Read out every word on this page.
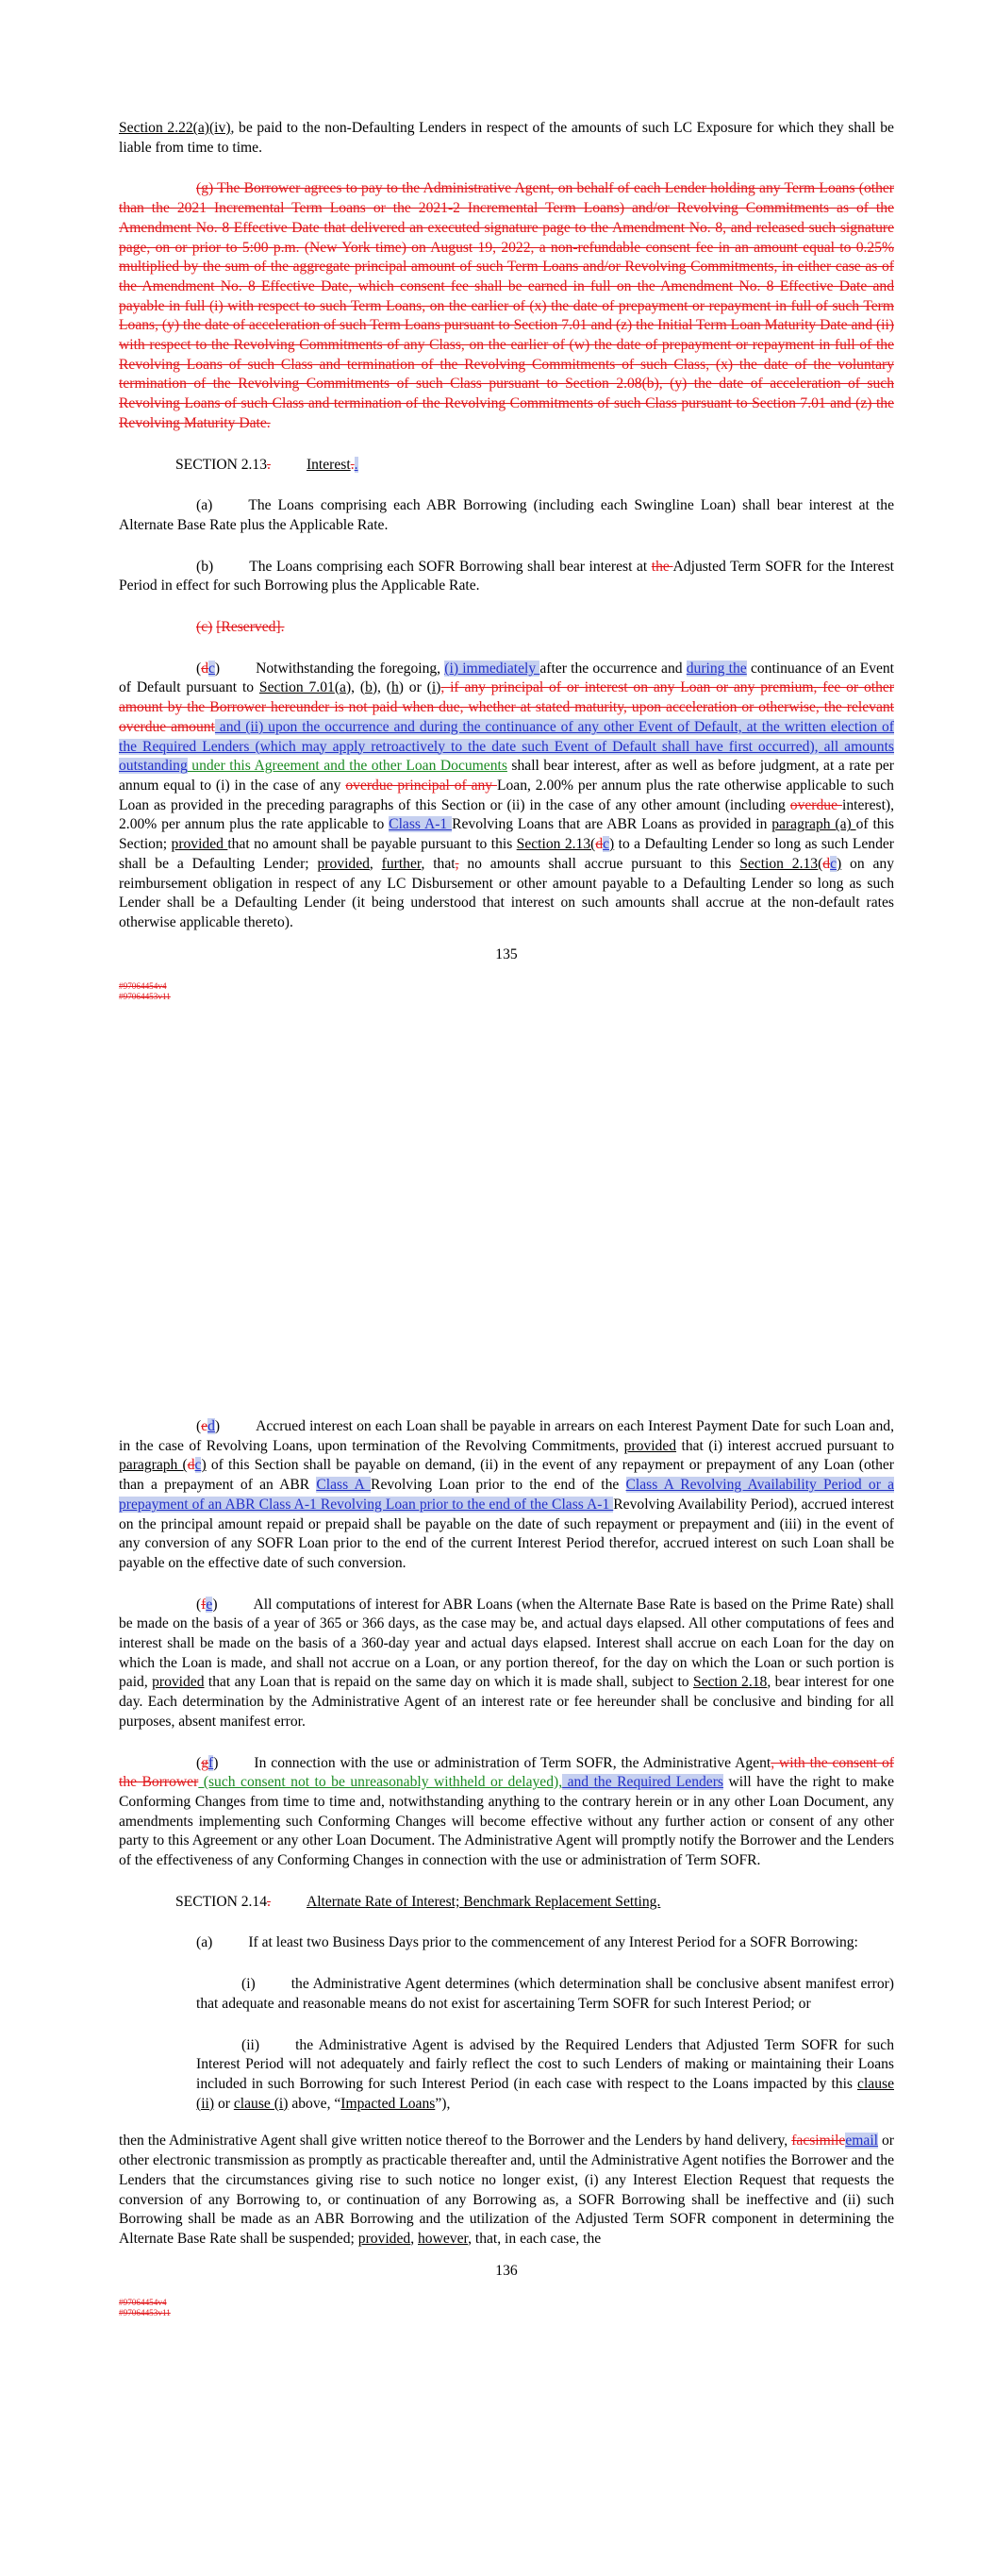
Section 2.22(a)(iv), be paid to the non-Defaulting Lenders in respect of the amounts of such LC Exposure for which they shall be liable from time to time.

(g) The Borrower agrees to pay to the Administrative Agent, on behalf of each Lender holding any Term Loans (other than the 2021 Incremental Term Loans or the 2021-2 Incremental Term Loans) and/or Revolving Commitments as of the Amendment No. 8 Effective Date that delivered an executed signature page to the Amendment No. 8, and released such signature page, on or prior to 5:00 p.m. (New York time) on August 19, 2022, a non-refundable consent fee in an amount equal to 0.25% multiplied by the sum of the aggregate principal amount of such Term Loans and/or Revolving Commitments, in either case as of the Amendment No. 8 Effective Date, which consent fee shall be earned in full on the Amendment No. 8 Effective Date and payable in full (i) with respect to such Term Loans, on the earlier of (x) the date of prepayment or repayment in full of such Term Loans, (y) the date of acceleration of such Term Loans pursuant to Section 7.01 and (z) the Initial Term Loan Maturity Date and (ii) with respect to the Revolving Commitments of any Class, on the earlier of (w) the date of prepayment or repayment in full of the Revolving Loans of such Class and termination of the Revolving Commitments of such Class, (x) the date of the voluntary termination of the Revolving Commitments of such Class pursuant to Section 2.08(b), (y) the date of acceleration of such Revolving Loans of such Class and termination of the Revolving Commitments of such Class pursuant to Section 7.01 and (z) the Revolving Maturity Date.

SECTION 2.13. Interest..

(a) The Loans comprising each ABR Borrowing (including each Swingline Loan) shall bear interest at the Alternate Base Rate plus the Applicable Rate.

(b) The Loans comprising each SOFR Borrowing shall bear interest at the Adjusted Term SOFR for the Interest Period in effect for such Borrowing plus the Applicable Rate.

(c) [Reserved].

(dc) Notwithstanding the foregoing, (i) immediately after the occurrence and during the continuance of an Event of Default pursuant to Section 7.01(a), (b), (h) or (i), if any principal of or interest on any Loan or any premium, fee or other amount by the Borrower hereunder is not paid when due, whether at stated maturity, upon acceleration or otherwise, the relevant overdue amount and (ii) upon the occurrence and during the continuance of any other Event of Default, at the written election of the Required Lenders (which may apply retroactively to the date such Event of Default shall have first occurred), all amounts outstanding under this Agreement and the other Loan Documents shall bear interest, after as well as before judgment, at a rate per annum equal to (i) in the case of any overdue principal of any Loan, 2.00% per annum plus the rate otherwise applicable to such Loan as provided in the preceding paragraphs of this Section or (ii) in the case of any other amount (including overdue interest), 2.00% per annum plus the rate applicable to Class A-1 Revolving Loans that are ABR Loans as provided in paragraph (a) of this Section; provided that no amount shall be payable pursuant to this Section 2.13(dc) to a Defaulting Lender so long as such Lender shall be a Defaulting Lender; provided, further, that, no amounts shall accrue pursuant to this Section 2.13(dc) on any reimbursement obligation in respect of any LC Disbursement or other amount payable to a Defaulting Lender so long as such Lender shall be a Defaulting Lender (it being understood that interest on such amounts shall accrue at the non-default rates otherwise applicable thereto).

135

#97064454v4
#97064453v11

(ed) Accrued interest on each Loan shall be payable in arrears on each Interest Payment Date for such Loan and, in the case of Revolving Loans, upon termination of the Revolving Commitments, provided that (i) interest accrued pursuant to paragraph (dc) of this Section shall be payable on demand, (ii) in the event of any repayment or prepayment of any Loan (other than a prepayment of an ABR Class A Revolving Loan prior to the end of the Class A Revolving Availability Period or a prepayment of an ABR Class A-1 Revolving Loan prior to the end of the Class A-1 Revolving Availability Period), accrued interest on the principal amount repaid or prepaid shall be payable on the date of such repayment or prepayment and (iii) in the event of any conversion of any SOFR Loan prior to the end of the current Interest Period therefor, accrued interest on such Loan shall be payable on the effective date of such conversion.

(fe) All computations of interest for ABR Loans (when the Alternate Base Rate is based on the Prime Rate) shall be made on the basis of a year of 365 or 366 days, as the case may be, and actual days elapsed. All other computations of fees and interest shall be made on the basis of a 360-day year and actual days elapsed. Interest shall accrue on each Loan for the day on which the Loan is made, and shall not accrue on a Loan, or any portion thereof, for the day on which the Loan or such portion is paid, provided that any Loan that is repaid on the same day on which it is made shall, subject to Section 2.18, bear interest for one day. Each determination by the Administrative Agent of an interest rate or fee hereunder shall be conclusive and binding for all purposes, absent manifest error.

(gf) In connection with the use or administration of Term SOFR, the Administrative Agent, with the consent of the Borrower (such consent not to be unreasonably withheld or delayed), and the Required Lenders will have the right to make Conforming Changes from time to time and, notwithstanding anything to the contrary herein or in any other Loan Document, any amendments implementing such Conforming Changes will become effective without any further action or consent of any other party to this Agreement or any other Loan Document. The Administrative Agent will promptly notify the Borrower and the Lenders of the effectiveness of any Conforming Changes in connection with the use or administration of Term SOFR.

SECTION 2.14. Alternate Rate of Interest; Benchmark Replacement Setting.

(a) If at least two Business Days prior to the commencement of any Interest Period for a SOFR Borrowing:

(i) the Administrative Agent determines (which determination shall be conclusive absent manifest error) that adequate and reasonable means do not exist for ascertaining Term SOFR for such Interest Period; or

(ii) the Administrative Agent is advised by the Required Lenders that Adjusted Term SOFR for such Interest Period will not adequately and fairly reflect the cost to such Lenders of making or maintaining their Loans included in such Borrowing for such Interest Period (in each case with respect to the Loans impacted by this clause (ii) or clause (i) above, “Impacted Loans”),

then the Administrative Agent shall give written notice thereof to the Borrower and the Lenders by hand delivery, facsimileemail or other electronic transmission as promptly as practicable thereafter and, until the Administrative Agent notifies the Borrower and the Lenders that the circumstances giving rise to such notice no longer exist, (i) any Interest Election Request that requests the conversion of any Borrowing to, or continuation of any Borrowing as, a SOFR Borrowing shall be ineffective and (ii) such Borrowing shall be made as an ABR Borrowing and the utilization of the Adjusted Term SOFR component in determining the Alternate Base Rate shall be suspended; provided, however, that, in each case, the

136

#97064454v4
#97064453v11
